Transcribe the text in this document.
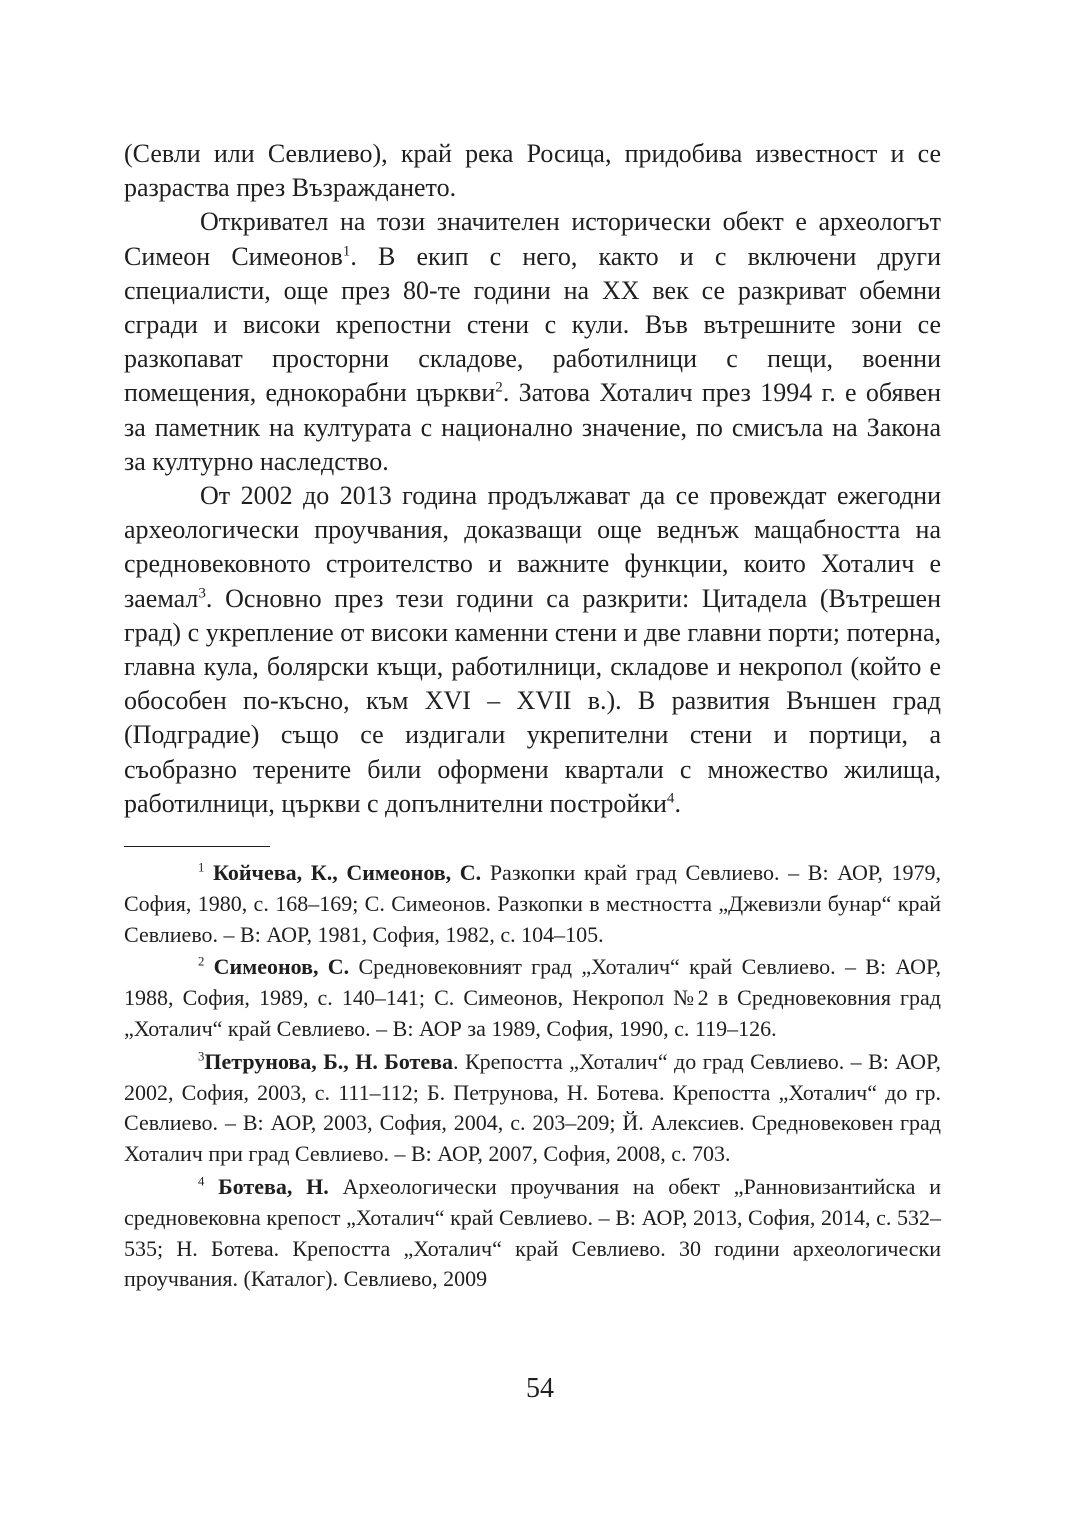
(Севли или Севлиево), край река Росица, придобива известност и се разраства през Възраждането.

Откривател на този значителен исторически обект е археологът Симеон Симеонов$^1$. В екип с него, както и с включени други специалисти, още през 80-те години на XX век се разкриват обемни сгради и високи крепостни стени с кули. Във вътрешните зони се разкопават просторни складове, работилници с пещи, военни помещения, еднокорабни църкви$^2$. Затова Хоталич през 1994 г. е обявен за паметник на културата с национално значение, по смисъла на Закона за културно наследство.

От 2002 до 2013 година продължават да се провеждат ежегодни археологически проучвания, доказващи още веднъж мащабността на средновековното строителство и важните функции, които Хоталич е заемал$^3$. Основно през тези години са разкрити: Цитадела (Вътрешен град) с укрепление от високи каменни стени и две главни порти; потерна, главна кула, болярски къщи, работилници, складове и некропол (който е обособен по-късно, към XVI – XVII в.). В развития Външен град (Подградие) също се издигали укрепителни стени и портици, а съобразно терените били оформени квартали с множество жилища, работилници, църкви с допълнителни постройки$^4$.

$^1$ Койчева, К., Симеонов, С. Разкопки край град Севлиево. – В: АОР, 1979, София, 1980, с. 168–169; С. Симеонов. Разкопки в местността „Джевизли бунар“ край Севлиево. – В: АОР, 1981, София, 1982, с. 104–105.

$^2$ Симеонов, С. Средновековният град „Хоталич“ край Севлиево. – В: АОР, 1988, София, 1989, с. 140–141; С. Симеонов, Некропол №2 в Средновековния град „Хоталич“ край Севлиево. – В: АОР за 1989, София, 1990, с. 119–126.

$^3$Петрунова, Б., Н. Ботева. Крепостта „Хоталич“ до град Севлиево. – В: АОР, 2002, София, 2003, с. 111–112; Б. Петрунова, Н. Ботева. Крепостта „Хоталич“ до гр. Севлиево. – В: АОР, 2003, София, 2004, с. 203–209; Й. Алексиев. Средновековен град Хоталич при град Севлиево. – В: АОР, 2007, София, 2008, с. 703.

$^4$ Ботева, Н. Археологически проучвания на обект „Ранновизантийска и средновековна крепост „Хоталич“ край Севлиево. – В: АОР, 2013, София, 2014, с. 532–535; Н. Ботева. Крепостта „Хоталич“ край Севлиево. 30 години археологически проучвания. (Каталог). Севлиево, 2009

54
